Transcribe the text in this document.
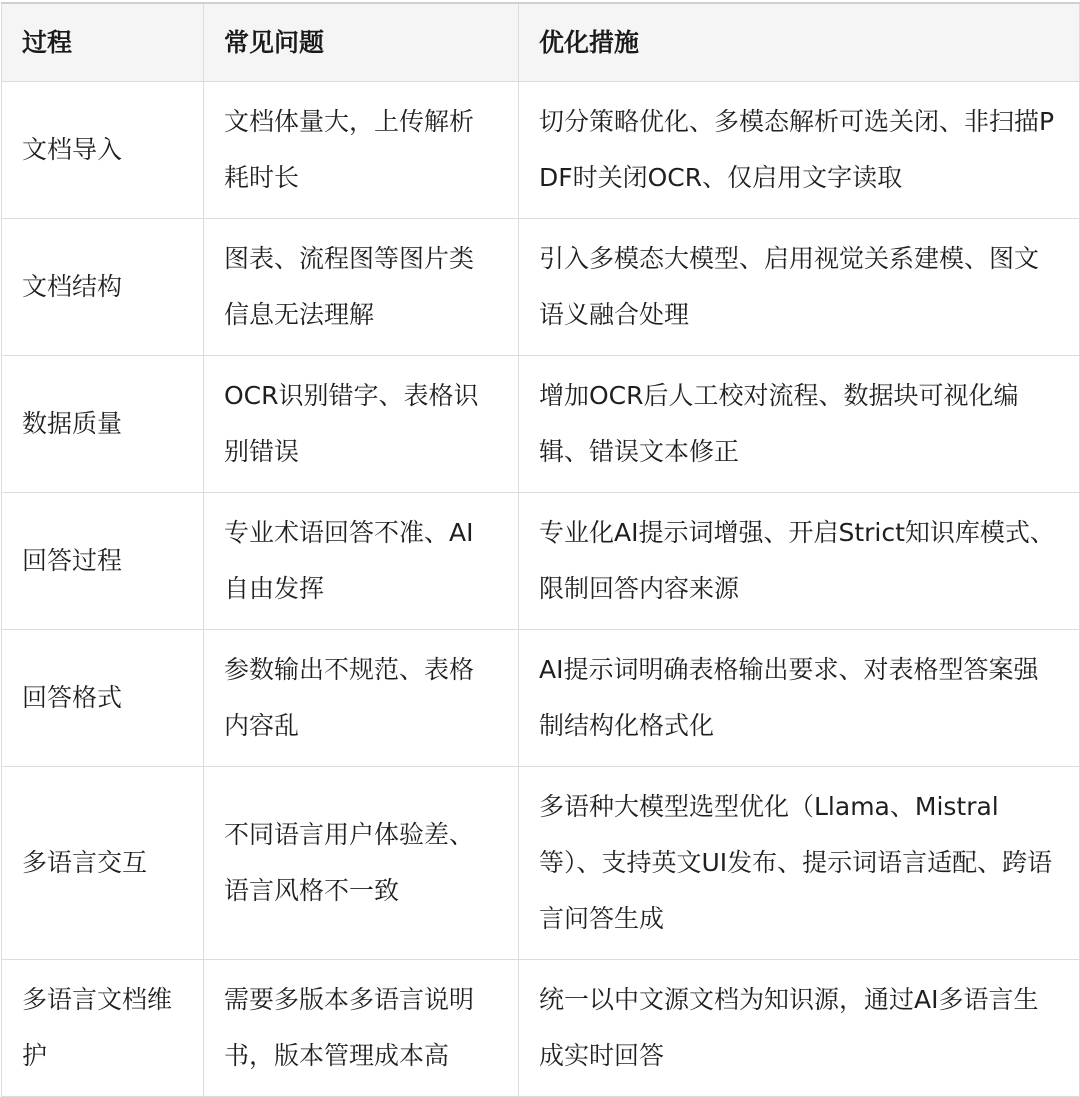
过程	常见问题	优化措施
文档导入	文档体量大，上传解析耗时长	切分策略优化、多模态解析可选关闭、非扫描PDF时关闭OCR、仅启用文字读取
文档结构	图表、流程图等图片类信息无法理解	引入多模态大模型、启用视觉关系建模、图文语义融合处理
数据质量	OCR识别错字、表格识别错误	增加OCR后人工校对流程、数据块可视化编辑、错误文本修正
回答过程	专业术语回答不准、AI自由发挥	专业化AI提示词增强、开启Strict知识库模式、限制回答内容来源
回答格式	参数输出不规范、表格内容乱	AI提示词明确表格输出要求、对表格型答案强制结构化格式化
多语言交互	不同语言用户体验差、语言风格不一致	多语种大模型选型优化（Llama、Mistral等）、支持英文UI发布、提示词语言适配、跨语言问答生成
多语言文档维护	需要多版本多语言说明书，版本管理成本高	统一以中文源文档为知识源，通过AI多语言生成实时回答
